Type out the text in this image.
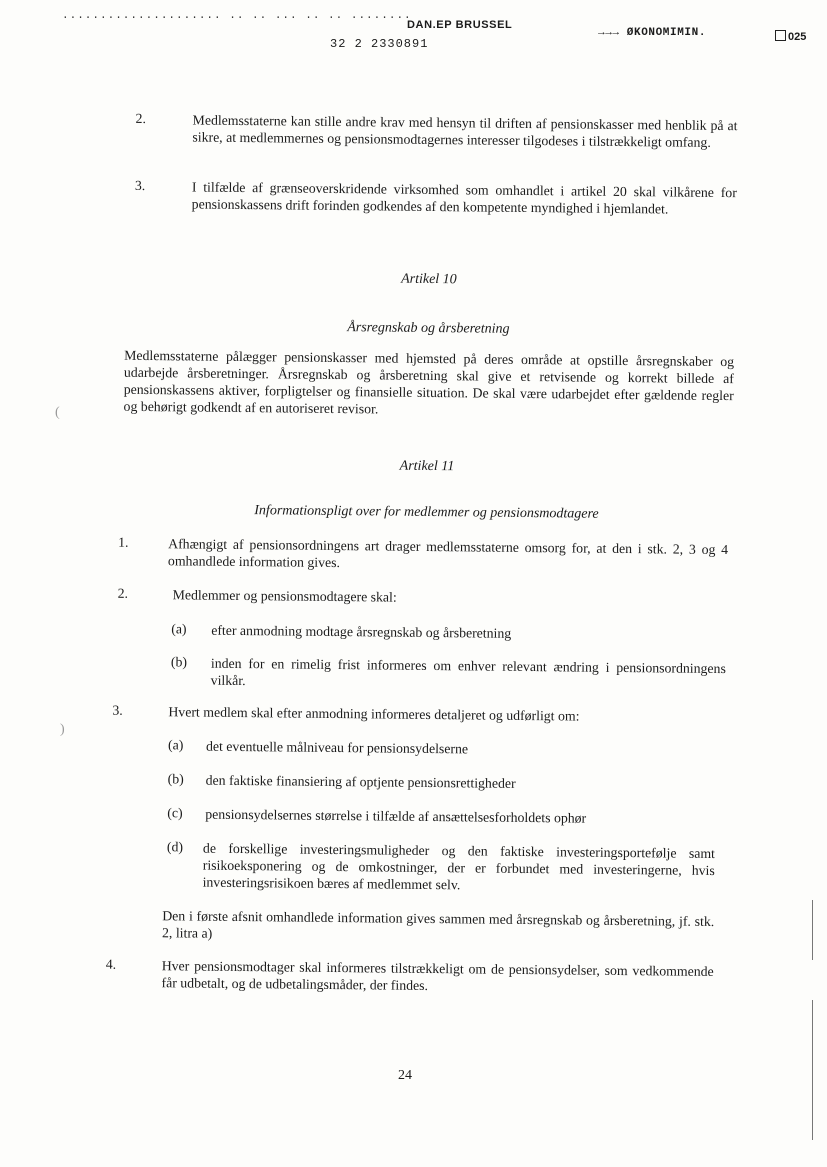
..................... .. .. ... .. .. ........
DAN.EP BRUSSEL
→→→ ØKONOMIMIN.
32 2 2330891	025
2.	Medlemsstaterne kan stille andre krav med hensyn til driften af pensionskasser med henblik på at sikre, at medlemmernes og pensionsmodtagernes interesser tilgodeses i tilstrækkeligt omfang.
3.	I tilfælde af grænseoverskridende virksomhed som omhandlet i artikel 20 skal vilkårene for pensionskassens drift forinden godkendes af den kompetente myndighed i hjemlandet.
Artikel 10
Årsregnskab og årsberetning
Medlemsstaterne pålægger pensionskasser med hjemsted på deres område at opstille årsregnskaber og udarbejde årsberetninger. Årsregnskab og årsberetning skal give et retvisende og korrekt billede af pensionskassens aktiver, forpligtelser og finansielle situation. De skal være udarbejdet efter gældende regler og behørigt godkendt af en autoriseret revisor.
Artikel 11
Informationspligt over for medlemmer og pensionsmodtagere
1.	Afhængigt af pensionsordningens art drager medlemsstaterne omsorg for, at den i stk. 2, 3 og 4 omhandlede information gives.
2.	Medlemmer og pensionsmodtagere skal:
(a) efter anmodning modtage årsregnskab og årsberetning
(b) inden for en rimelig frist informeres om enhver relevant ændring i pensionsordningens vilkår.
3.	Hvert medlem skal efter anmodning informeres detaljeret og udførligt om:
(a) det eventuelle målniveau for pensionsydelserne
(b) den faktiske finansiering af optjente pensionsrettigheder
(c) pensionsydelsernes størrelse i tilfælde af ansættelsesforholdets ophør
(d) de forskellige investeringsmuligheder og den faktiske investeringsportefølje samt risikoeksponering og de omkostninger, der er forbundet med investeringerne, hvis investeringsrisikoen bæres af medlemmet selv.
Den i første afsnit omhandlede information gives sammen med årsregnskab og årsberetning, jf. stk. 2, litra a)
4.	Hver pensionsmodtager skal informeres tilstrækkeligt om de pensionsydelser, som vedkommende får udbetalt, og de udbetalingsmåder, der findes.
(
)
24
